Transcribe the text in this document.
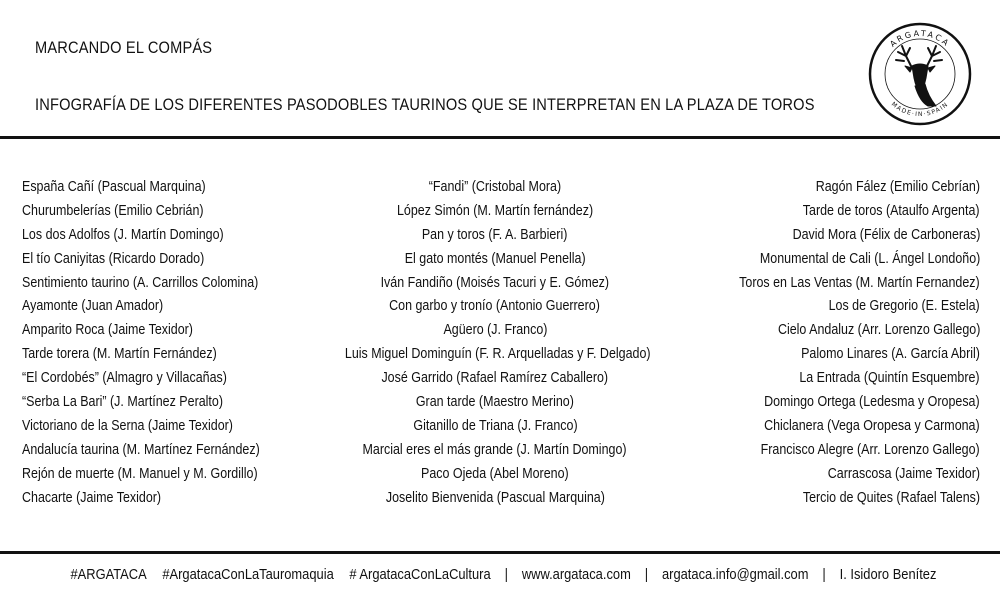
MARCANDO EL COMPÁS
INFOGRAFÍA DE LOS DIFERENTES PASODOBLES TAURINOS QUE SE INTERPRETAN EN LA PLAZA DE TOROS
ARGATACA
MADE·IN·SPAIN
España Cañí (Pascual Marquina)
Churumbelerías (Emilio Cebrián)
Los dos Adolfos (J. Martín Domingo)
El tío Caniyitas (Ricardo Dorado)
Sentimiento taurino (A. Carrillos Colomina)
Ayamonte (Juan Amador)
Amparito Roca (Jaime Texidor)
Tarde torera (M. Martín Fernández)
“El Cordobés” (Almagro y Villacañas)
“Serba La Bari” (J. Martínez Peralto)
Victoriano de la Serna (Jaime Texidor)
Andalucía taurina (M. Martínez Fernández)
Rejón de muerte (M. Manuel y M. Gordillo)
Chacarte (Jaime Texidor)
“Fandi” (Cristobal Mora)
López Simón (M. Martín fernández)
Pan y toros (F. A. Barbieri)
El gato montés (Manuel Penella)
Iván Fandiño (Moisés Tacuri y E. Gómez)
Con garbo y tronío (Antonio Guerrero)
Agüero (J. Franco)
Luis Miguel Dominguín (F. R. Arquelladas y F. Delgado)
José Garrido (Rafael Ramírez Caballero)
Gran tarde (Maestro Merino)
Gitanillo de Triana (J. Franco)
Marcial eres el más grande (J. Martín Domingo)
Paco Ojeda (Abel Moreno)
Joselito Bienvenida (Pascual Marquina)
Ragón Fález (Emilio Cebrían)
Tarde de toros (Ataulfo Argenta)
David Mora (Félix de Carboneras)
Monumental de Cali (L. Ángel Londoño)
Toros en Las Ventas (M. Martín Fernandez)
Los de Gregorio (E. Estela)
Cielo Andaluz (Arr. Lorenzo Gallego)
Palomo Linares (A. García Abril)
La Entrada (Quintín Esquembre)
Domingo Ortega (Ledesma y Oropesa)
Chiclanera (Vega Oropesa y Carmona)
Francisco Alegre (Arr. Lorenzo Gallego)
Carrascosa (Jaime Texidor)
Tercio de Quites (Rafael Talens)
#ARGATACA #ArgatacaConLaTauromaquia # ArgatacaConLaCultura | www.argataca.com | argataca.info@gmail.com | I. Isidoro Benítez
